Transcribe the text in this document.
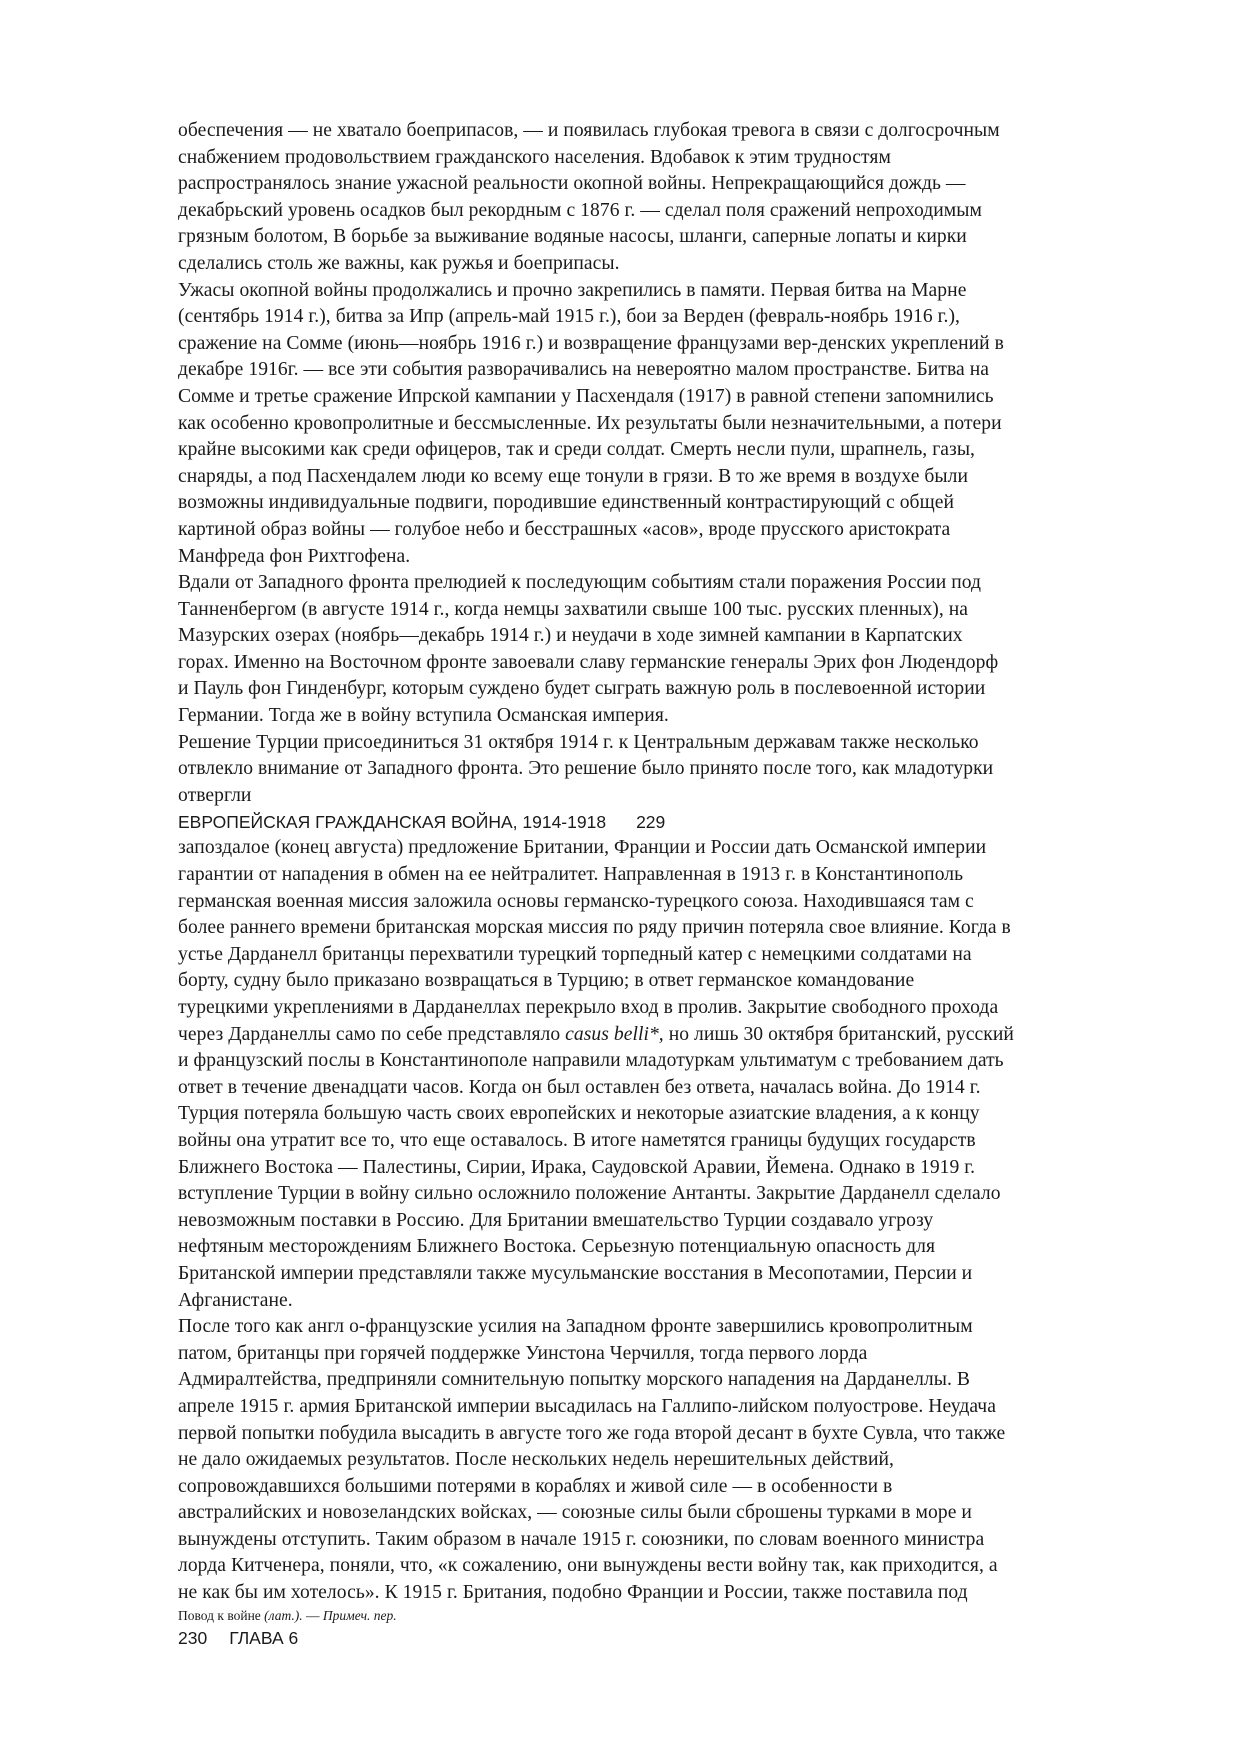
обеспечения — не хватало боеприпасов, — и появилась глубокая тревога в связи с долгосрочным
снабжением продовольствием гражданского населения. Вдобавок к этим трудностям
распространялось знание ужасной реальности окопной войны. Непрекращающийся дождь —
декабрьский уровень осадков был рекордным с 1876 г. — сделал поля сражений непроходимым
грязным болотом, В борьбе за выживание водяные насосы, шланги, саперные лопаты и кирки
сделались столь же важны, как ружья и боеприпасы.

Ужасы окопной войны продолжались и прочно закрепились в памяти. Первая битва на Марне
(сентябрь 1914 г.), битва за Ипр (апрель-май 1915 г.), бои за Верден (февраль-ноябрь 1916 г.),
сражение на Сомме (июнь—ноябрь 1916 г.) и возвращение французами вер-денских укреплений в
декабре 1916г. — все эти события разворачивались на невероятно малом пространстве. Битва на
Сомме и третье сражение Ипрской кампании у Пасхендаля (1917) в равной степени запомнились
как особенно кровопролитные и бессмысленные. Их результаты были незначительными, а потери
крайне высокими как среди офицеров, так и среди солдат. Смерть несли пули, шрапнель, газы,
снаряды, а под Пасхендалем люди ко всему еще тонули в грязи. В то же время в воздухе были
возможны индивидуальные подвиги, породившие единственный контрастирующий с общей
картиной образ войны — голубое небо и бесстрашных «асов», вроде прусского аристократа
Манфреда фон Рихтгофена.

Вдали от Западного фронта прелюдией к последующим событиям стали поражения России под
Танненбергом (в августе 1914 г., когда немцы захватили свыше 100 тыс. русских пленных), на
Мазурских озерах (ноябрь—декабрь 1914 г.) и неудачи в ходе зимней кампании в Карпатских
горах. Именно на Восточном фронте завоевали славу германские генералы Эрих фон Людендорф
и Пауль фон Гинденбург, которым суждено будет сыграть важную роль в послевоенной истории
Германии. Тогда же в войну вступила Османская империя.

Решение Турции присоединиться 31 октября 1914 г. к Центральным державам также несколько
отвлекло внимание от Западного фронта. Это решение было принято после того, как младотурки
отвергли

ЕВРОПЕЙСКАЯ ГРАЖДАНСКАЯ ВОЙНА, 1914-1918 229

запоздалое (конец августа) предложение Британии, Франции и России дать Османской империи
гарантии от нападения в обмен на ее нейтралитет. Направленная в 1913 г. в Константинополь
германская военная миссия заложила основы германско-турецкого союза. Находившаяся там с
более раннего времени британская морская миссия по ряду причин потеряла свое влияние. Когда в
устье Дарданелл британцы перехватили турецкий торпедный катер с немецкими солдатами на
борту, судну было приказано возвращаться в Турцию; в ответ германское командование
турецкими укреплениями в Дарданеллах перекрыло вход в пролив. Закрытие свободного прохода
через Дарданеллы само по себе представляло casus belli*, но лишь 30 октября британский, русский
и французский послы в Константинополе направили младотуркам ультиматум с требованием дать
ответ в течение двенадцати часов. Когда он был оставлен без ответа, началась война. До 1914 г.
Турция потеряла большую часть своих европейских и некоторые азиатские владения, а к концу
войны она утратит все то, что еще оставалось. В итоге наметятся границы будущих государств
Ближнего Востока — Палестины, Сирии, Ирака, Саудовской Аравии, Йемена. Однако в 1919 г.
вступление Турции в войну сильно осложнило положение Антанты. Закрытие Дарданелл сделало
невозможным поставки в Россию. Для Британии вмешательство Турции создавало угрозу
нефтяным месторождениям Ближнего Востока. Серьезную потенциальную опасность для
Британской империи представляли также мусульманские восстания в Месопотамии, Персии и
Афганистане.

После того как англ о-французские усилия на Западном фронте завершились кровопролитным
патом, британцы при горячей поддержке Уинстона Черчилля, тогда первого лорда
Адмиралтейства, предприняли сомнительную попытку морского нападения на Дарданеллы. В
апреле 1915 г. армия Британской империи высадилась на Галлипо-лийском полуострове. Неудача
первой попытки побудила высадить в августе того же года второй десант в бухте Сувла, что также
не дало ожидаемых результатов. После нескольких недель нерешительных действий,
сопровождавшихся большими потерями в кораблях и живой силе — в особенности в
австралийских и новозеландских войсках, — союзные силы были сброшены турками в море и
вынуждены отступить. Таким образом в начале 1915 г. союзники, по словам военного министра
лорда Китченера, поняли, что, «к сожалению, они вынуждены вести войну так, как приходится, а
не как бы им хотелось». К 1915 г. Британия, подобно Франции и России, также поставила под

Повод к войне (лат.). — Примеч. пер.

230 ГЛАВА 6
